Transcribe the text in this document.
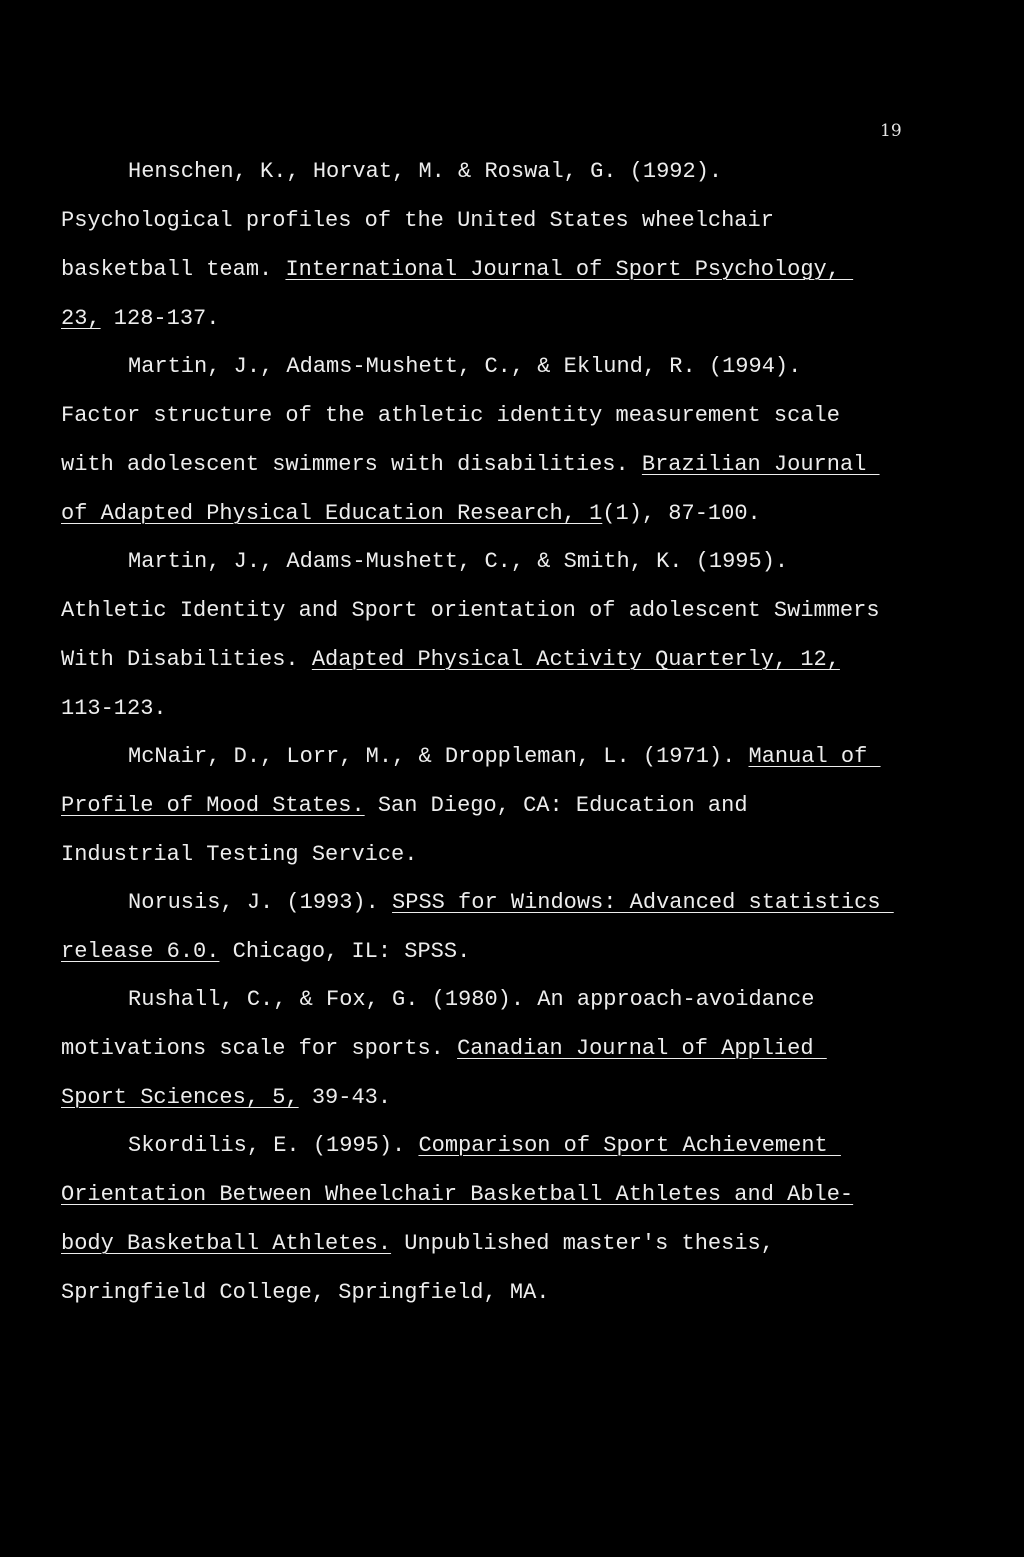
19
Henschen, K., Horvat, M. & Roswal, G. (1992).
Psychological profiles of the United States wheelchair
basketball team. International Journal of Sport Psychology,
23, 128-137.
Martin, J., Adams-Mushett, C., & Eklund, R. (1994).
Factor structure of the athletic identity measurement scale
with adolescent swimmers with disabilities. Brazilian Journal
of Adapted Physical Education Research, 1(1), 87-100.
Martin, J., Adams-Mushett, C., & Smith, K. (1995).
Athletic Identity and Sport orientation of adolescent Swimmers
With Disabilities. Adapted Physical Activity Quarterly, 12,
113-123.
McNair, D., Lorr, M., & Droppleman, L. (1971). Manual of
Profile of Mood States. San Diego, CA: Education and
Industrial Testing Service.
Norusis, J. (1993). SPSS for Windows: Advanced statistics
release 6.0. Chicago, IL: SPSS.
Rushall, C., & Fox, G. (1980). An approach-avoidance
motivations scale for sports. Canadian Journal of Applied
Sport Sciences, 5, 39-43.
Skordilis, E. (1995). Comparison of Sport Achievement
Orientation Between Wheelchair Basketball Athletes and Able-
body Basketball Athletes. Unpublished master's thesis,
Springfield College, Springfield, MA.
